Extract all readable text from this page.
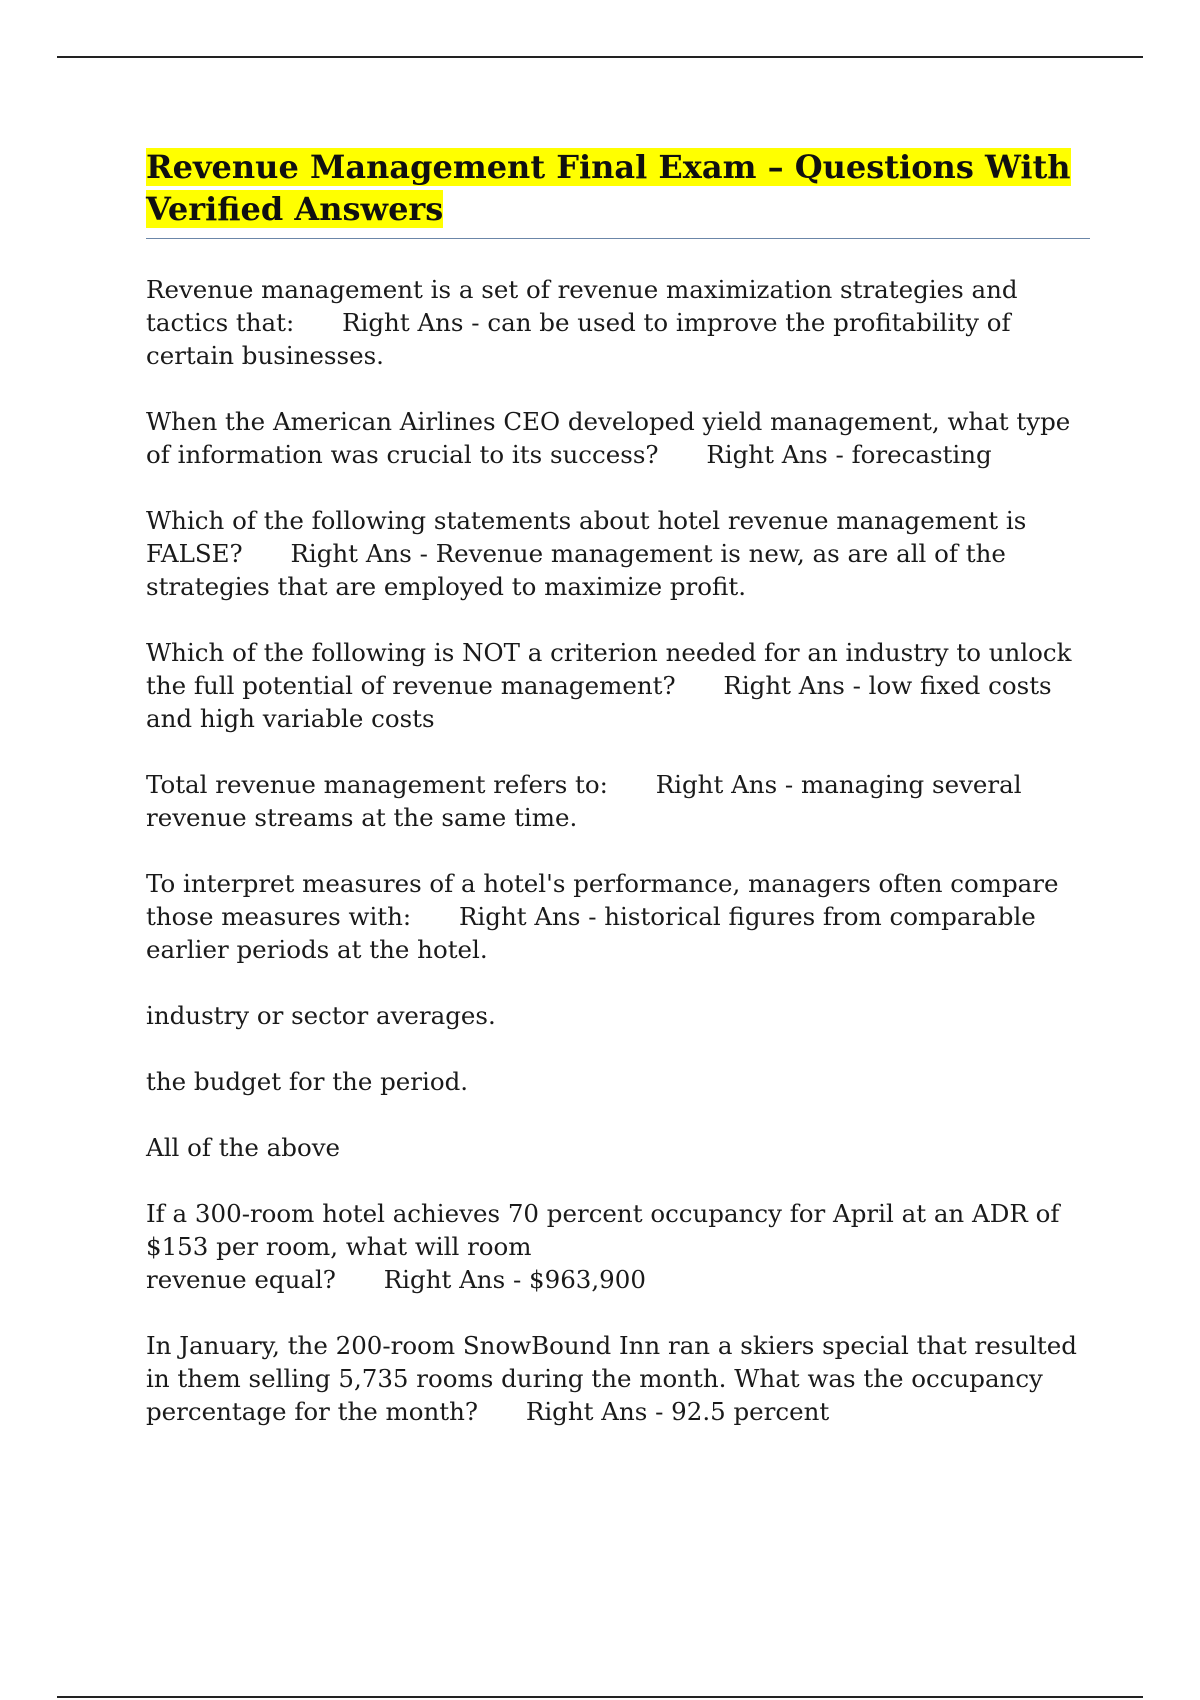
Revenue Management Final Exam – Questions With Verified Answers

Revenue management is a set of revenue maximization strategies and tactics that: Right Ans - can be used to improve the profitability of certain businesses.

When the American Airlines CEO developed yield management, what type of information was crucial to its success? Right Ans - forecasting

Which of the following statements about hotel revenue management is FALSE? Right Ans - Revenue management is new, as are all of the strategies that are employed to maximize profit.

Which of the following is NOT a criterion needed for an industry to unlock the full potential of revenue management? Right Ans - low fixed costs and high variable costs

Total revenue management refers to: Right Ans - managing several revenue streams at the same time.

To interpret measures of a hotel's performance, managers often compare those measures with: Right Ans - historical figures from comparable earlier periods at the hotel.

industry or sector averages.

the budget for the period.

All of the above

If a 300-room hotel achieves 70 percent occupancy for April at an ADR of $153 per room, what will room
revenue equal? Right Ans - $963,900

In January, the 200-room SnowBound Inn ran a skiers special that resulted in them selling 5,735 rooms during the month. What was the occupancy percentage for the month? Right Ans - 92.5 percent
